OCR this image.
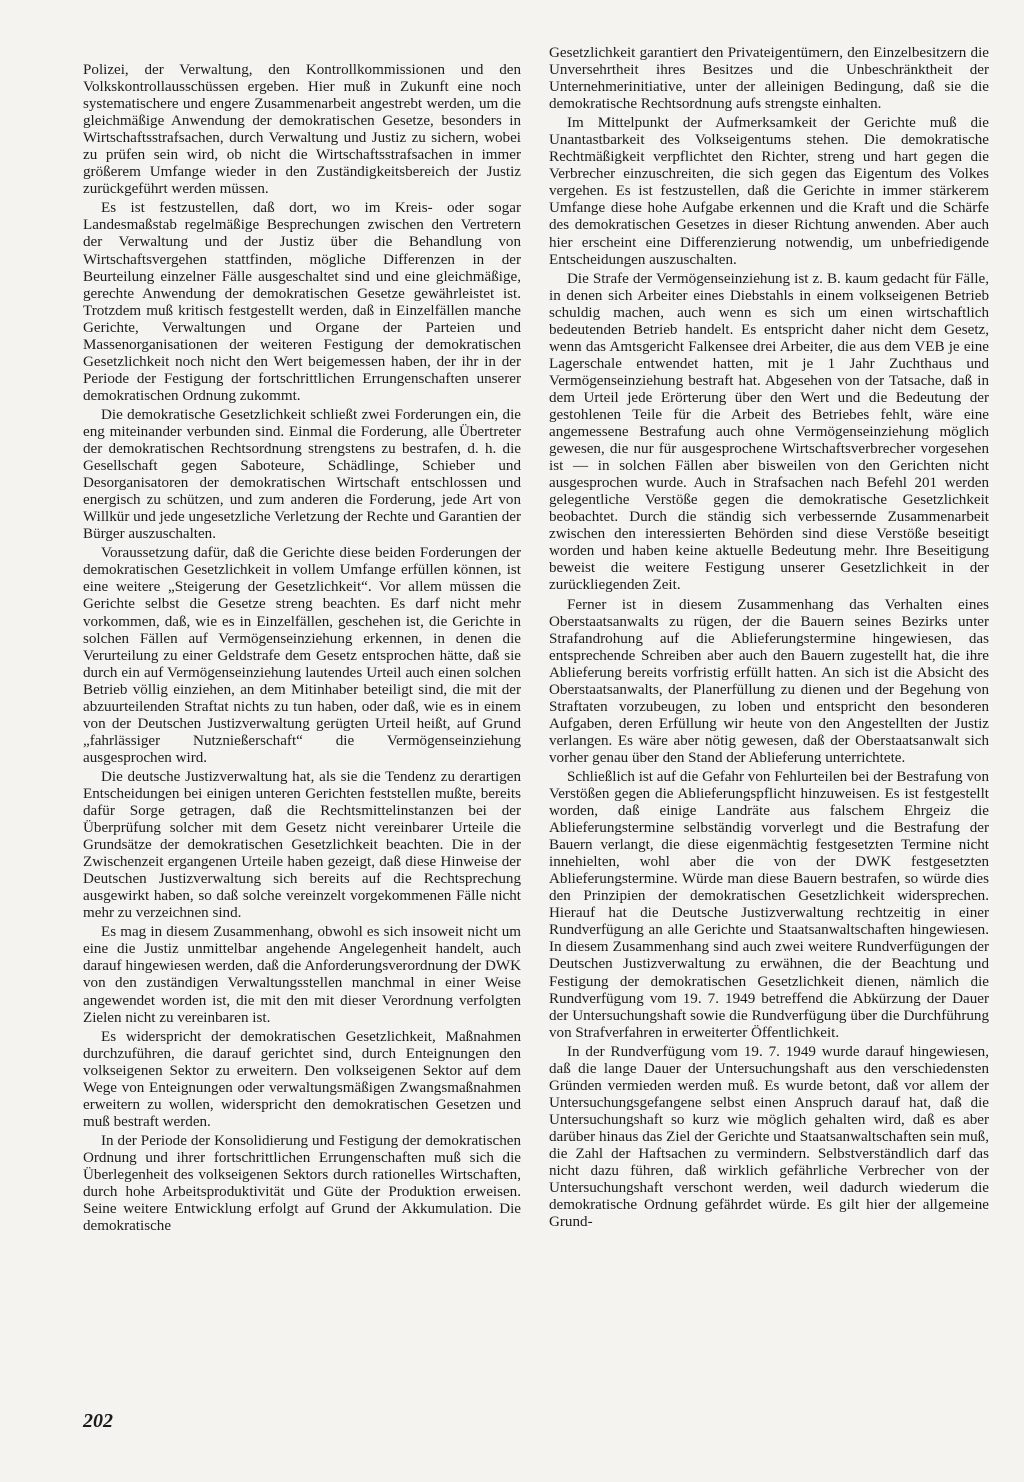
Polizei, der Verwaltung, den Kontrollkommissionen und den Volkskontrollausschüssen ergeben. Hier muß in Zukunft eine noch systematischere und engere Zusammenarbeit angestrebt werden, um die gleichmäßige Anwendung der demokratischen Gesetze, besonders in Wirtschaftsstrafsachen, durch Verwaltung und Justiz zu sichern, wobei zu prüfen sein wird, ob nicht die Wirtschaftsstrafsachen in immer größerem Umfange wieder in den Zuständigkeitsbereich der Justiz zurückgeführt werden müssen.

Es ist festzustellen, daß dort, wo im Kreis- oder sogar Landesmaßstab regelmäßige Besprechungen zwischen den Vertretern der Verwaltung und der Justiz über die Behandlung von Wirtschaftsvergehen stattfinden, mögliche Differenzen in der Beurteilung einzelner Fälle ausgeschaltet sind und eine gleichmäßige, gerechte Anwendung der demokratischen Gesetze gewährleistet ist. Trotzdem muß kritisch festgestellt werden, daß in Einzelfällen manche Gerichte, Verwaltungen und Organe der Parteien und Massenorganisationen der weiteren Festigung der demokratischen Gesetzlichkeit noch nicht den Wert beigemessen haben, der ihr in der Periode der Festigung der fortschrittlichen Errungenschaften unserer demokratischen Ordnung zukommt.

Die demokratische Gesetzlichkeit schließt zwei Forderungen ein, die eng miteinander verbunden sind. Einmal die Forderung, alle Übertreter der demokratischen Rechtsordnung strengstens zu bestrafen, d. h. die Gesellschaft gegen Saboteure, Schädlinge, Schieber und Desorganisatoren der demokratischen Wirtschaft entschlossen und energisch zu schützen, und zum anderen die Forderung, jede Art von Willkür und jede ungesetzliche Verletzung der Rechte und Garantien der Bürger auszuschalten.

Voraussetzung dafür, daß die Gerichte diese beiden Forderungen der demokratischen Gesetzlichkeit in vollem Umfange erfüllen können, ist eine weitere „Steigerung der Gesetzlichkeit“. Vor allem müssen die Gerichte selbst die Gesetze streng beachten. Es darf nicht mehr vorkommen, daß, wie es in Einzelfällen, geschehen ist, die Gerichte in solchen Fällen auf Vermögenseinziehung erkennen, in denen die Verurteilung zu einer Geldstrafe dem Gesetz entsprochen hätte, daß sie durch ein auf Vermögenseinziehung lautendes Urteil auch einen solchen Betrieb völlig einziehen, an dem Mitinhaber beteiligt sind, die mit der abzuurteilenden Straftat nichts zu tun haben, oder daß, wie es in einem von der Deutschen Justizverwaltung gerügten Urteil heißt, auf Grund „fahrlässiger Nutznießerschaft“ die Vermögenseinziehung ausgesprochen wird.

Die deutsche Justizverwaltung hat, als sie die Tendenz zu derartigen Entscheidungen bei einigen unteren Gerichten feststellen mußte, bereits dafür Sorge getragen, daß die Rechtsmittelinstanzen bei der Überprüfung solcher mit dem Gesetz nicht vereinbarer Urteile die Grundsätze der demokratischen Gesetzlichkeit beachten. Die in der Zwischenzeit ergangenen Urteile haben gezeigt, daß diese Hinweise der Deutschen Justizverwaltung sich bereits auf die Rechtsprechung ausgewirkt haben, so daß solche vereinzelt vorgekommenen Fälle nicht mehr zu verzeichnen sind.

Es mag in diesem Zusammenhang, obwohl es sich insoweit nicht um eine die Justiz unmittelbar angehende Angelegenheit handelt, auch darauf hingewiesen werden, daß die Anforderungsverordnung der DWK von den zuständigen Verwaltungsstellen manchmal in einer Weise angewendet worden ist, die mit den mit dieser Verordnung verfolgten Zielen nicht zu vereinbaren ist.

Es widerspricht der demokratischen Gesetzlichkeit, Maßnahmen durchzuführen, die darauf gerichtet sind, durch Enteignungen den volkseigenen Sektor zu erweitern. Den volkseigenen Sektor auf dem Wege von Enteignungen oder verwaltungsmäßigen Zwangsmaßnahmen erweitern zu wollen, widerspricht den demokratischen Gesetzen und muß bestraft werden.

In der Periode der Konsolidierung und Festigung der demokratischen Ordnung und ihrer fortschrittlichen Errungenschaften muß sich die Überlegenheit des volkseigenen Sektors durch rationelles Wirtschaften, durch hohe Arbeitsproduktivität und Güte der Produktion erweisen. Seine weitere Entwicklung erfolgt auf Grund der Akkumulation. Die demokratische

Gesetzlichkeit garantiert den Privateigentümern, den Einzelbesitzern die Unversehrtheit ihres Besitzes und die Unbeschränktheit der Unternehmerinitiative, unter der alleinigen Bedingung, daß sie die demokratische Rechtsordnung aufs strengste einhalten.

Im Mittelpunkt der Aufmerksamkeit der Gerichte muß die Unantastbarkeit des Volkseigentums stehen. Die demokratische Rechtmäßigkeit verpflichtet den Richter, streng und hart gegen die Verbrecher einzuschreiten, die sich gegen das Eigentum des Volkes vergehen. Es ist festzustellen, daß die Gerichte in immer stärkerem Umfange diese hohe Aufgabe erkennen und die Kraft und die Schärfe des demokratischen Gesetzes in dieser Richtung anwenden. Aber auch hier erscheint eine Differenzierung notwendig, um unbefriedigende Entscheidungen auszuschalten.

Die Strafe der Vermögenseinziehung ist z. B. kaum gedacht für Fälle, in denen sich Arbeiter eines Diebstahls in einem volkseigenen Betrieb schuldig machen, auch wenn es sich um einen wirtschaftlich bedeutenden Betrieb handelt. Es entspricht daher nicht dem Gesetz, wenn das Amtsgericht Falkensee drei Arbeiter, die aus dem VEB je eine Lagerschale entwendet hatten, mit je 1 Jahr Zuchthaus und Vermögenseinziehung bestraft hat. Abgesehen von der Tatsache, daß in dem Urteil jede Erörterung über den Wert und die Bedeutung der gestohlenen Teile für die Arbeit des Betriebes fehlt, wäre eine angemessene Bestrafung auch ohne Vermögenseinziehung möglich gewesen, die nur für ausgesprochene Wirtschaftsverbrecher vorgesehen ist — in solchen Fällen aber bisweilen von den Gerichten nicht ausgesprochen wurde. Auch in Strafsachen nach Befehl 201 werden gelegentliche Verstöße gegen die demokratische Gesetzlichkeit beobachtet. Durch die ständig sich verbessernde Zusammenarbeit zwischen den interessierten Behörden sind diese Verstöße beseitigt worden und haben keine aktuelle Bedeutung mehr. Ihre Beseitigung beweist die weitere Festigung unserer Gesetzlichkeit in der zurückliegenden Zeit.

Ferner ist in diesem Zusammenhang das Verhalten eines Oberstaatsanwalts zu rügen, der die Bauern seines Bezirks unter Strafandrohung auf die Ablieferungstermine hingewiesen, das entsprechende Schreiben aber auch den Bauern zugestellt hat, die ihre Ablieferung bereits vorfristig erfüllt hatten. An sich ist die Absicht des Oberstaatsanwalts, der Planerfüllung zu dienen und der Begehung von Straftaten vorzubeugen, zu loben und entspricht den besonderen Aufgaben, deren Erfüllung wir heute von den Angestellten der Justiz verlangen. Es wäre aber nötig gewesen, daß der Oberstaatsanwalt sich vorher genau über den Stand der Ablieferung unterrichtete.

Schließlich ist auf die Gefahr von Fehlurteilen bei der Bestrafung von Verstößen gegen die Ablieferungspflicht hinzuweisen. Es ist festgestellt worden, daß einige Landräte aus falschem Ehrgeiz die Ablieferungstermine selbständig vorverlegt und die Bestrafung der Bauern verlangt, die diese eigenmächtig festgesetzten Termine nicht innehielten, wohl aber die von der DWK festgesetzten Ablieferungstermine. Würde man diese Bauern bestrafen, so würde dies den Prinzipien der demokratischen Gesetzlichkeit widersprechen. Hierauf hat die Deutsche Justizverwaltung rechtzeitig in einer Rundverfügung an alle Gerichte und Staatsanwaltschaften hingewiesen. In diesem Zusammenhang sind auch zwei weitere Rundverfügungen der Deutschen Justizverwaltung zu erwähnen, die der Beachtung und Festigung der demokratischen Gesetzlichkeit dienen, nämlich die Rundverfügung vom 19. 7. 1949 betreffend die Abkürzung der Dauer der Untersuchungshaft sowie die Rundverfügung über die Durchführung von Strafverfahren in erweiterter Öffentlichkeit.

In der Rundverfügung vom 19. 7. 1949 wurde darauf hingewiesen, daß die lange Dauer der Untersuchungshaft aus den verschiedensten Gründen vermieden werden muß. Es wurde betont, daß vor allem der Untersuchungsgefangene selbst einen Anspruch darauf hat, daß die Untersuchungshaft so kurz wie möglich gehalten wird, daß es aber darüber hinaus das Ziel der Gerichte und Staatsanwaltschaften sein muß, die Zahl der Haftsachen zu vermindern. Selbstverständlich darf das nicht dazu führen, daß wirklich gefährliche Verbrecher von der Untersuchungshaft verschont werden, weil dadurch wiederum die demokratische Ordnung gefährdet würde. Es gilt hier der allgemeine Grund-

202
